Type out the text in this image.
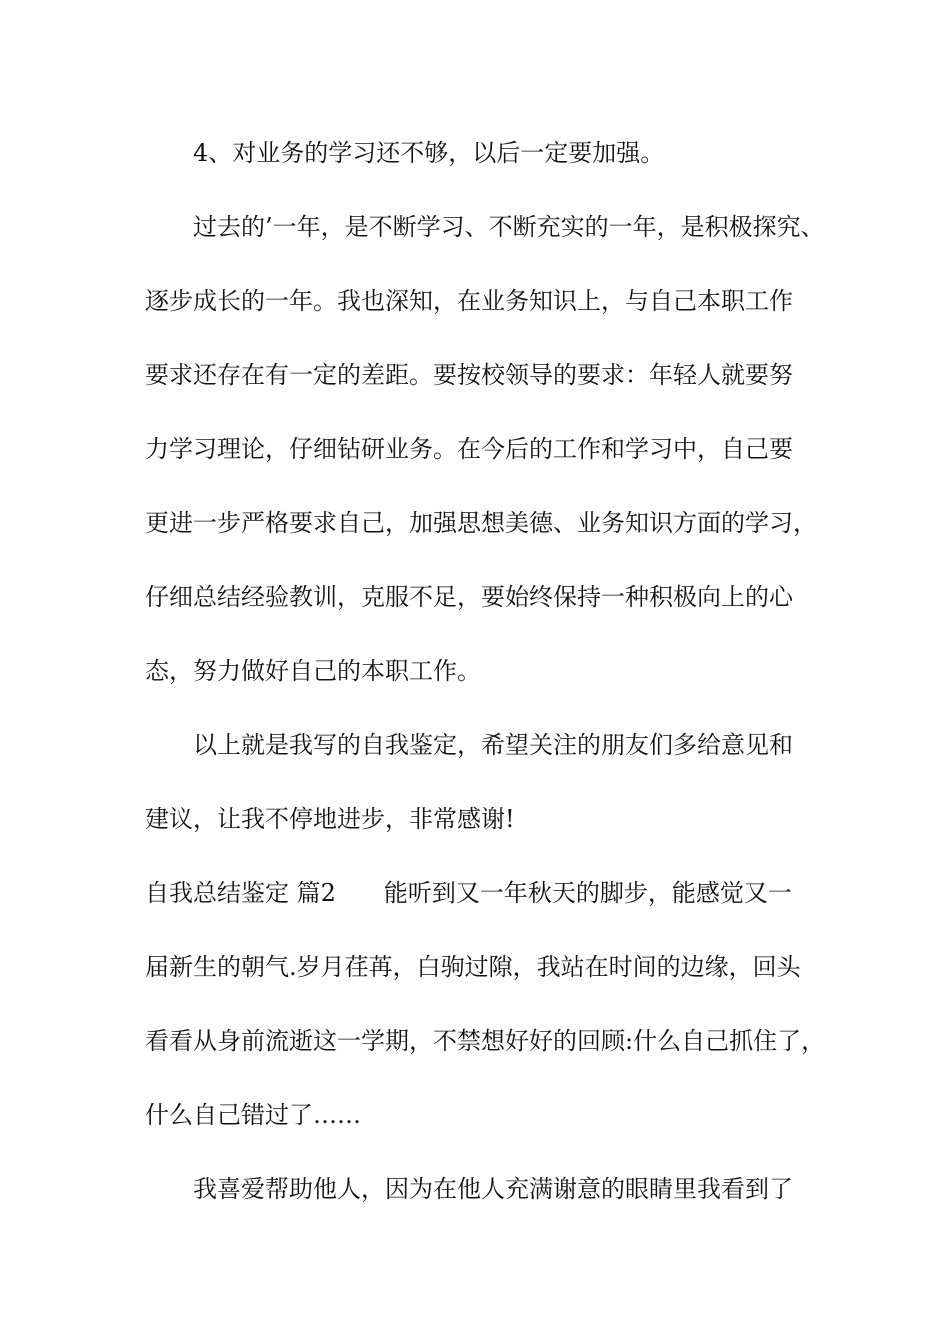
4、对业务的学习还不够，以后一定要加强。

过去的’一年，是不断学习、不断充实的一年，是积极探究、

逐步成长的一年。我也深知，在业务知识上，与自己本职工作

要求还存在有一定的差距。要按校领导的要求：年轻人就要努

力学习理论，仔细钻研业务。在今后的工作和学习中，自己要

更进一步严格要求自己，加强思想美德、业务知识方面的学习，

仔细总结经验教训，克服不足，要始终保持一种积极向上的心

态，努力做好自己的本职工作。

以上就是我写的自我鉴定，希望关注的朋友们多给意见和

建议，让我不停地进步，非常感谢!

自我总结鉴定 篇2 能听到又一年秋天的脚步，能感觉又一

届新生的朝气.岁月荏苒，白驹过隙，我站在时间的边缘，回头

看看从身前流逝这一学期，不禁想好好的回顾:什么自己抓住了，

什么自己错过了……

我喜爱帮助他人，因为在他人充满谢意的眼睛里我看到了
